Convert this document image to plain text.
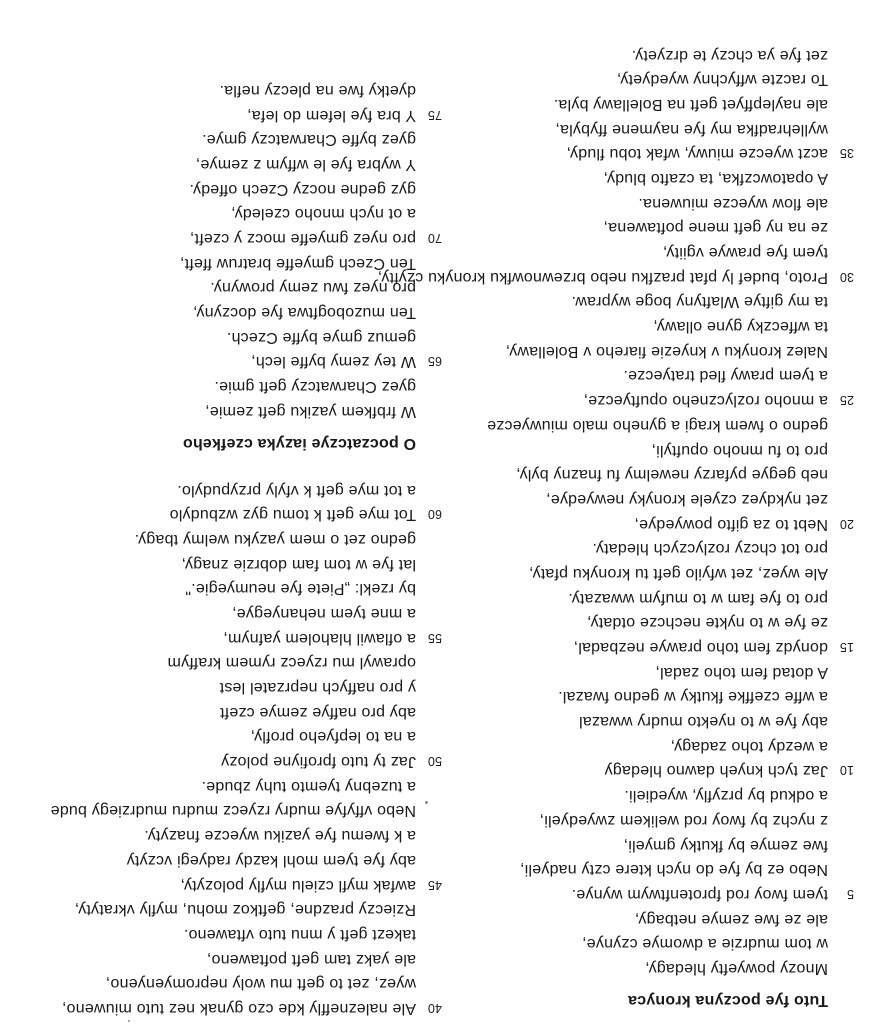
Tuto fye poczyna kronyca
Mnozy powyefty hledagy,
w tom mudrzie a dwomye czynye,
ale ze fwe zemye netbagy,
5
tyem fwoy rod fprotenftwym wynye.
Nebo ez by fye do nych ktere czty nadyeli,
fwe zemye by fkutky gmyeli,
z nychz by fwoy rod welikem zwyedyeli,
a odkud by przyfly, wyedieli.
10
Jaz tych knyeh dawno hledagy
a wezdy toho zadagy,
aby fye w to nyekto mudry wwazal
a wffe czeffke fkutky w gedno fwazal.
A dotad fem toho zadal,
15
donydz fem toho prawye nezbadal,
ze fye w to nykte nechcze otdaty,
pro to fye fam w to mufym wwazaty.
Ale wyez, zet wfyilo geft tu kronyku pfaty,
pro tot chczy rozlyczych hledaty.
20
Nebt to za gifto powyedye,
zet nykdyez czyele kronyky newyedye,
neb gegye pyfarzy newelmy fu fnazny byly,
pro to fu mnoho opuftyli,
gedno o fwem kragi a gyneho malo miuwyecze
25
a mnoho rozlyczneho opuftyecze,
a tyem prawy fled tratyecze.
Nalez kronyku v knyezie fiareho v Bolellawy,
ta wffeczky gyne ollawy,
ta my giftye Wlaftyny boge wypraw.
30
Proto, budef ly pfat prazfku nebo brzewnowfku kronyku czyfty,
tyem fye prawye vgiity,
ze na ny geft mene poftawena,
ale flow wyecze miuwena.
A opatowczfka, ta czafto bludy,
35
aczt wyecze miuwy, wfak tobu fludy,
wyllehradfka my fye naymene ffybyla,
ale naylepffyet geft na Bolellawy byla.
To raczte wffychny wyedyety,
zet fye ya chczy te drzyety.
40
Ale nalezneffly kde czo gynak nez tuto miuweno,
wyez, zet to geft mu woly nepromyenyeno,
ale yakz tam geft poftaweno,
takezt geft y mnu tuto vftaweno.
Rzieczy prazdne, geftkoz mohu, myfly vkratyty,
45
awfak myfl czielu myfly polozyty,
aby fye tyem mohl kazdy radyegi vczyty
a k fwemu fye yaziku wyecze fnazyty.
Nebo vffyfye mudry rzyecz mudru mudrziegy bude
a tuzebny tyemto tuhy zbude.
50
Jaz ty tuto fprofiyne polozy
a na to lepfyeho profly,
aby pro naffye zemye czeft
y pro naffych neprzatel lest
oprawyl mu rzyecz rymem kraffym
55
a oflawil hlaholem yafnym,
a mne tyem nehanyegye,
by rzekl: „Piete fye neumyegie."
lat fye w tom fam dobrzie znagy,
gedno zet o mem yazyku welmy tbagy.
60
Tot mye geft k tomu gyz wzbudylo
a tot mye geft k vfyly przypudylo.
O poczatczye iazyka czefkeho
W frbfkem yaziku geft zemie,
gyez Charwatczy geft gmie.
65
W tey zemy byffe lech,
gemuz gmye byffe Czech.
Ten muzobogftwa fye doczyny,
pro nyez fwu zemy prowyny.
Ten Czech gmyeffe bratruw ffeft,
70
pro nyez gmyeffe mocz y czeft,
a ot nych mnoho czeledy,
gyz gedne noczy Czech offedy.
Y wybra fye le wffym z zemye,
gyez byffe Charwatczy gmye.
75
Y bra fye lefem do lefa,
dyetky fwe na pleczy nefla.
